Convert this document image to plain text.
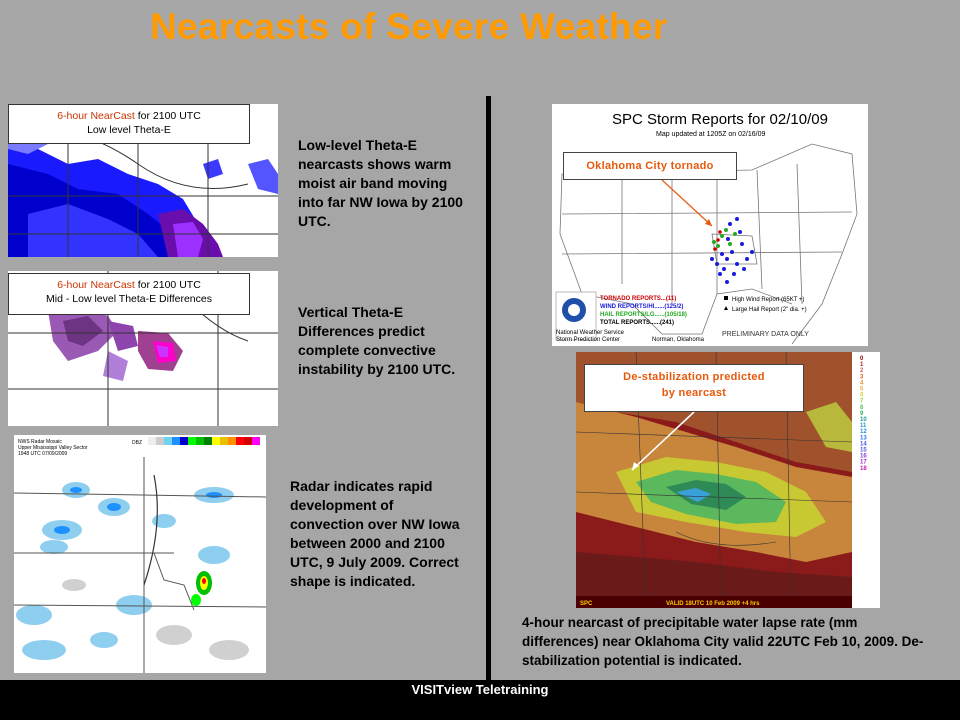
Nearcasts of Severe Weather
6-hour NearCast for 2100 UTC
Low level Theta-E
Low-level Theta-E nearcasts shows warm moist air band moving into far NW Iowa by 2100 UTC.
6-hour NearCast for 2100 UTC
Mid - Low level Theta-E Differences
Vertical Theta-E Differences predict complete convective instability by 2100 UTC.
NWS Radar Mosaic
Upper Mississippi Valley Sector
1948 UTC 07/09/2009
DBZ
Radar indicates rapid development of convection over NW Iowa between 2000 and 2100 UTC, 9 July 2009. Correct shape is indicated.
SPC Storm Reports for 02/10/09
Map updated at 1205Z on 02/16/09
National Weather Service
Storm Prediction Center	Norman, Oklahoma
TORNADO REPORTS...(11)
WIND REPORTS/HI......(125/2)
HAIL REPORTS/LG......(105/18)
TOTAL REPORTS......(241)
High Wind Report (65KT +)
Large Hail Report (2" dia. +)
PRELIMINARY DATA ONLY
Oklahoma City tornado
SPC	VALID 18UTC 10 Feb 2009 +4 hrs
0
1
2
3
4
5
6
7
8
9
10
11
12
13
14
15
16
17
18
De-stabilization predicted
by nearcast
4-hour nearcast of precipitable water lapse rate (mm differences) near Oklahoma City valid 22UTC Feb 10, 2009. De-stabilization potential is indicated.
VISITview Teletraining
